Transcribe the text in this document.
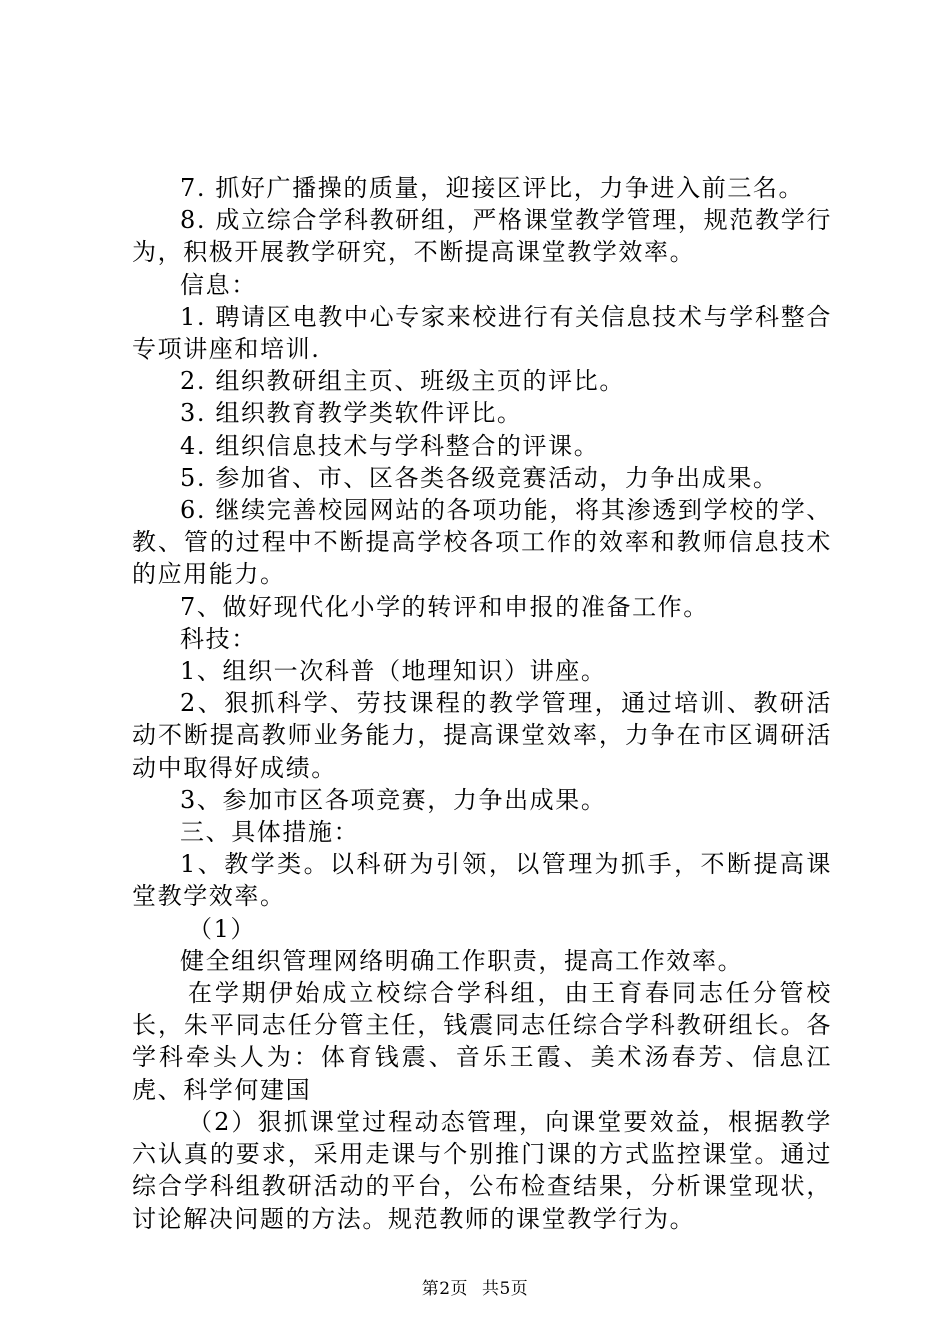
7. 抓好广播操的质量，迎接区评比，力争进入前三名。

8. 成立综合学科教研组，严格课堂教学管理，规范教学行为，积极开展教学研究，不断提高课堂教学效率。

信息：

1. 聘请区电教中心专家来校进行有关信息技术与学科整合专项讲座和培训.

2. 组织教研组主页、班级主页的评比。

3. 组织教育教学类软件评比。

4. 组织信息技术与学科整合的评课。

5. 参加省、市、区各类各级竞赛活动，力争出成果。

6. 继续完善校园网站的各项功能，将其渗透到学校的学、教、管的过程中不断提高学校各项工作的效率和教师信息技术的应用能力。

7、做好现代化小学的转评和申报的准备工作。

科技：

1、组织一次科普（地理知识）讲座。

2、狠抓科学、劳技课程的教学管理，通过培训、教研活动不断提高教师业务能力，提高课堂效率，力争在市区调研活动中取得好成绩。

3、参加市区各项竞赛，力争出成果。

三、具体措施：

1、教学类。以科研为引领，以管理为抓手，不断提高课堂教学效率。

（1）

健全组织管理网络明确工作职责，提高工作效率。

在学期伊始成立校综合学科组，由王育春同志任分管校长，朱平同志任分管主任，钱震同志任综合学科教研组长。各学科牵头人为：体育钱震、音乐王霞、美术汤春芳、信息江虎、科学何建国

（2）狠抓课堂过程动态管理，向课堂要效益，根据教学六认真的要求，采用走课与个别推门课的方式监控课堂。通过综合学科组教研活动的平台，公布检查结果，分析课堂现状，讨论解决问题的方法。规范教师的课堂教学行为。

第2页 共5页
